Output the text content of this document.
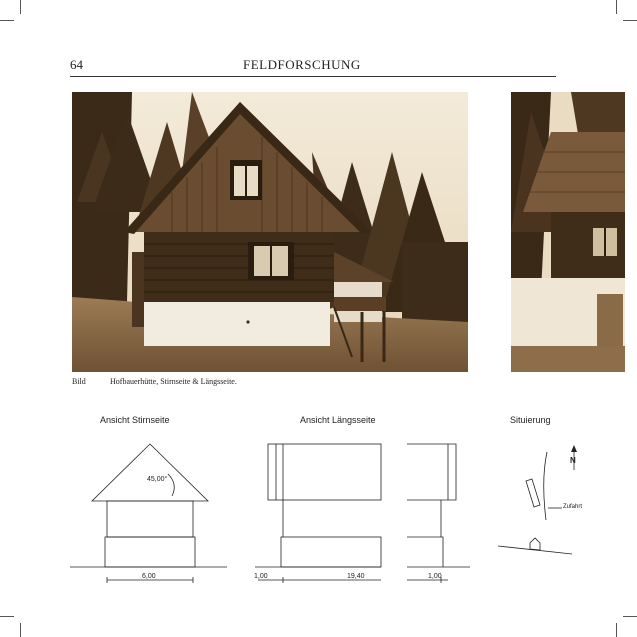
64	FELDFORSCHUNG
Bild	Hofbauerhütte, Stirnseite & Längsseite.
Ansicht Stirnseite	Ansicht Längsseite	Situierung
45,00°
6,00	1,00	19,40	1,00
N
Zufahrt
